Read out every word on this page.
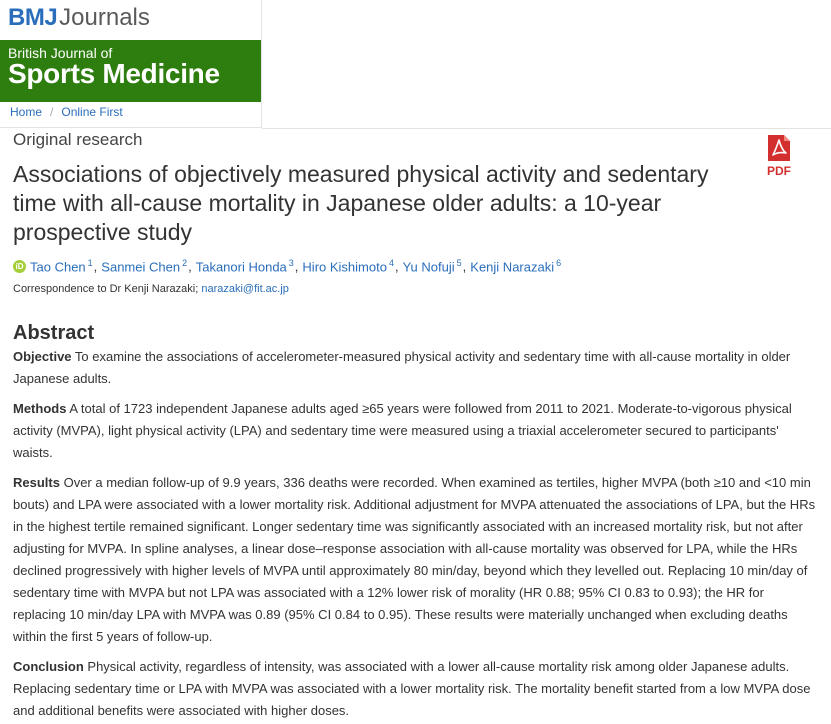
BMJ Journals
British Journal of
Sports Medicine
Home / Online First
Original research
PDF
Associations of objectively measured physical activity and sedentary time with all-cause mortality in Japanese older adults: a 10-year prospective study
iD Tao Chen $^1$ , Sanmei Chen $^2$ , Takanori Honda $^3$ , Hiro Kishimoto $^4$ , Yu Nofuji $^5$ , Kenji Narazaki $^6$
Correspondence to Dr Kenji Narazaki; narazaki@fit.ac.jp
Abstract

Objective To examine the associations of accelerometer-measured physical activity and sedentary time with all-cause mortality in older Japanese adults.

Methods A total of 1723 independent Japanese adults aged ≥65 years were followed from 2011 to 2021. Moderate-to-vigorous physical activity (MVPA), light physical activity (LPA) and sedentary time were measured using a triaxial accelerometer secured to participants' waists.

Results Over a median follow-up of 9.9 years, 336 deaths were recorded. When examined as tertiles, higher MVPA (both ≥10 and <10 min bouts) and LPA were associated with a lower mortality risk. Additional adjustment for MVPA attenuated the associations of LPA, but the HRs in the highest tertile remained significant. Longer sedentary time was significantly associated with an increased mortality risk, but not after adjusting for MVPA. In spline analyses, a linear dose–response association with all-cause mortality was observed for LPA, while the HRs declined progressively with higher levels of MVPA until approximately 80 min/day, beyond which they levelled out. Replacing 10 min/day of sedentary time with MVPA but not LPA was associated with a 12% lower risk of morality (HR 0.88; 95% CI 0.83 to 0.93); the HR for replacing 10 min/day LPA with MVPA was 0.89 (95% CI 0.84 to 0.95). These results were materially unchanged when excluding deaths within the first 5 years of follow-up.

Conclusion Physical activity, regardless of intensity, was associated with a lower all-cause mortality risk among older Japanese adults. Replacing sedentary time or LPA with MVPA was associated with a lower mortality risk. The mortality benefit started from a low MVPA dose and additional benefits were associated with higher doses.
